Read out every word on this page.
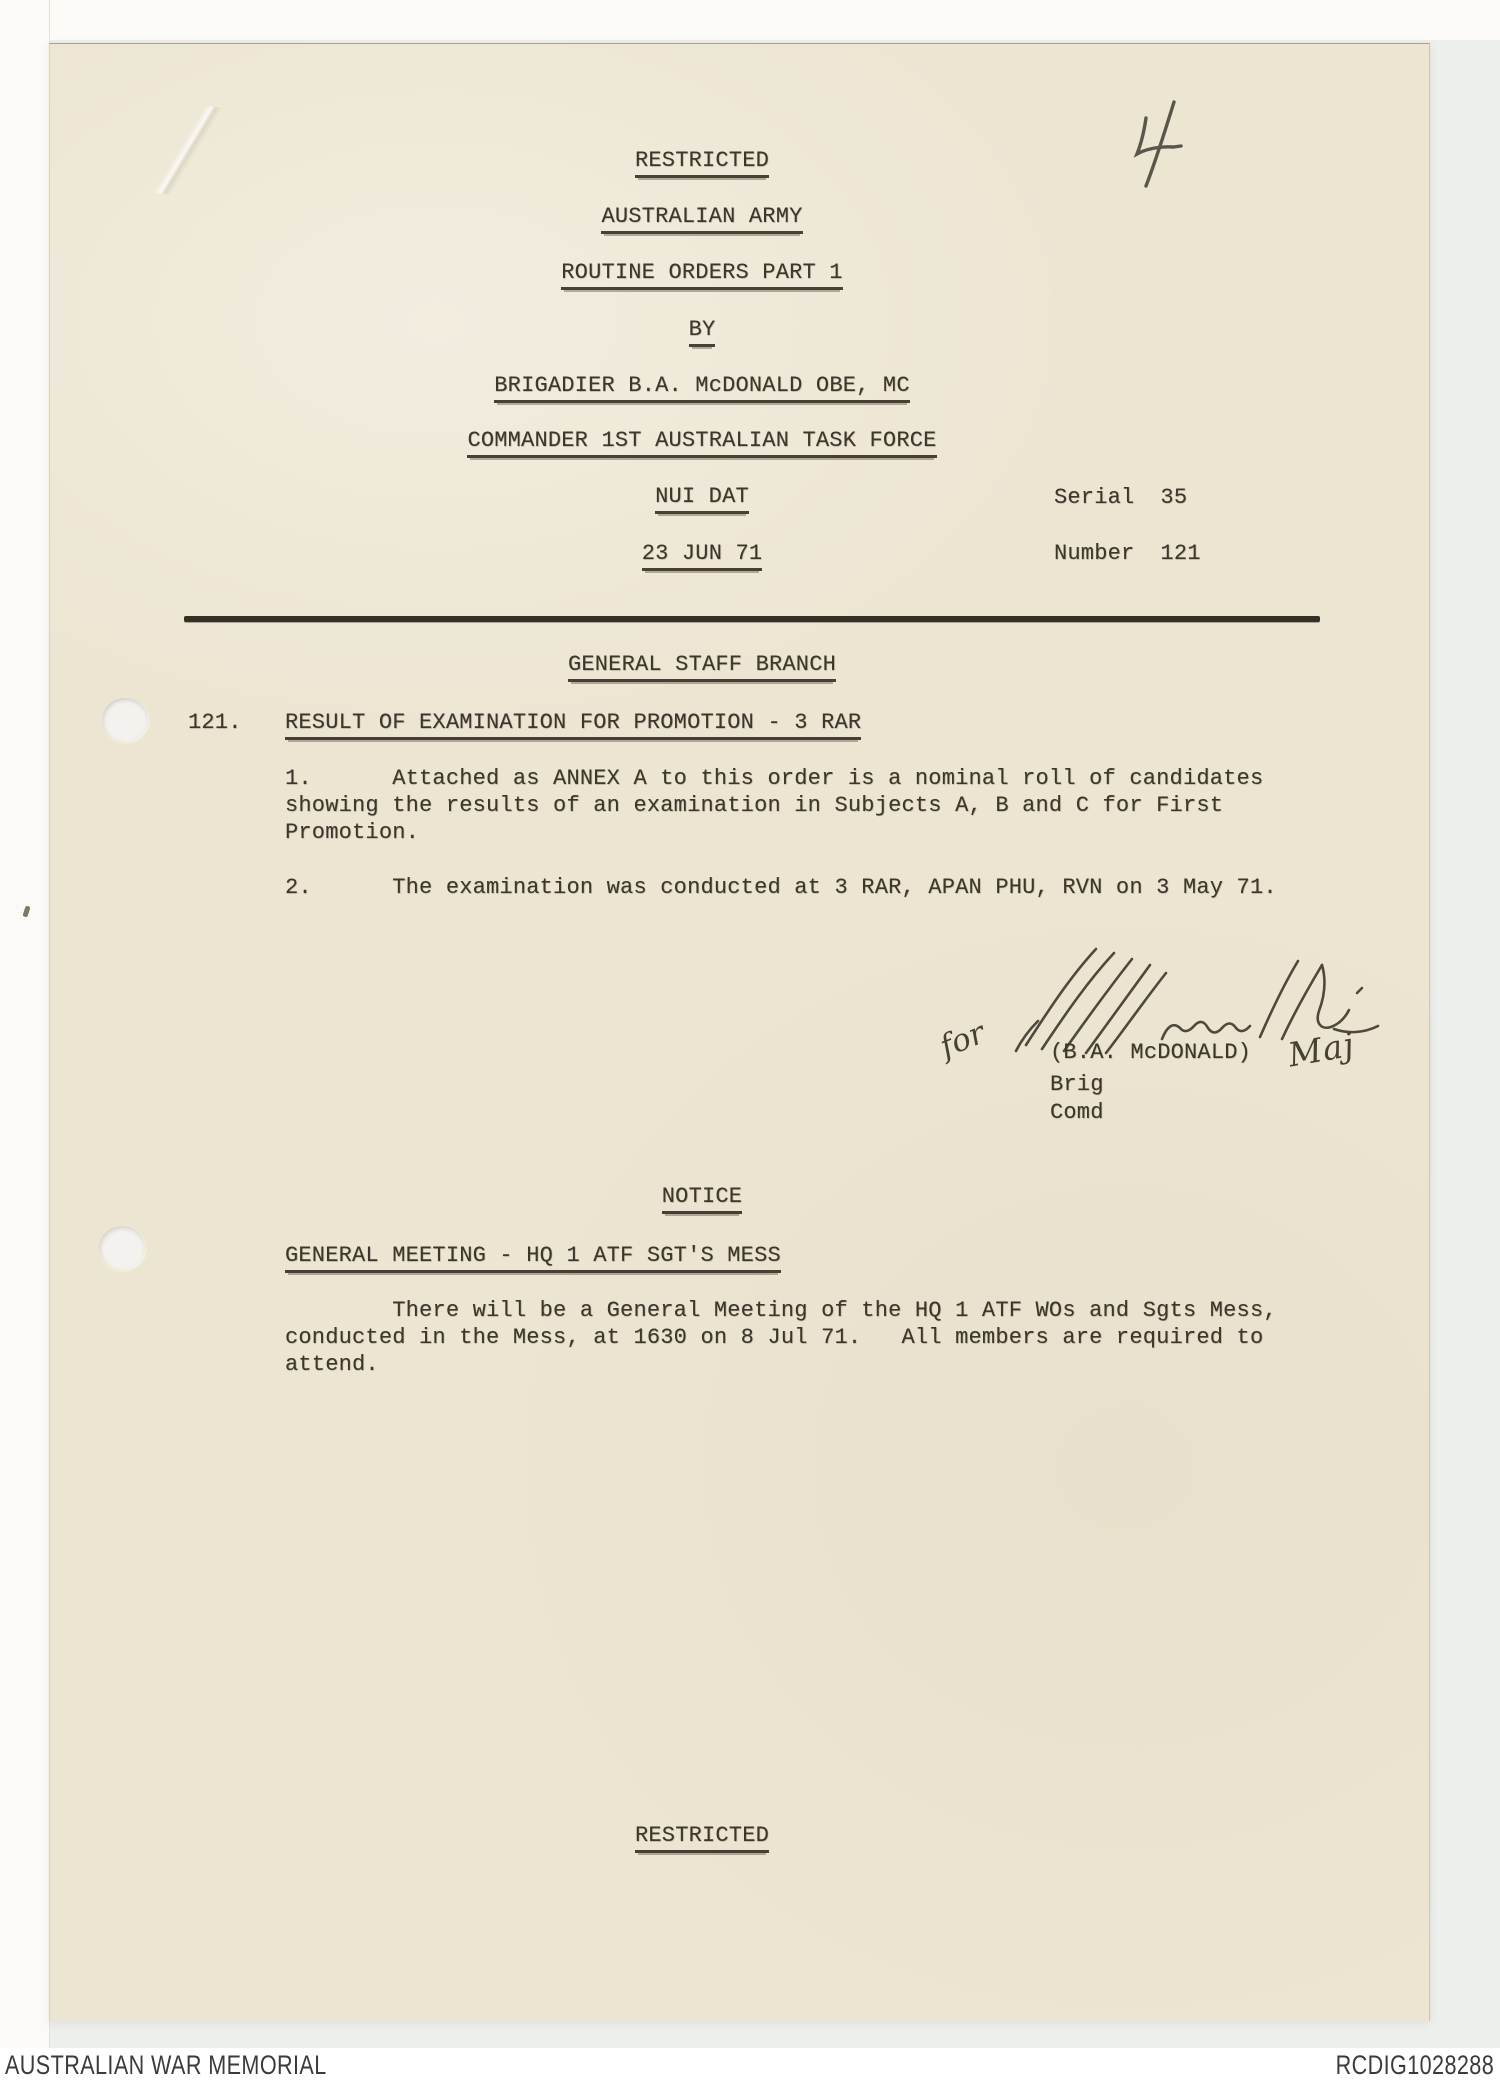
RESTRICTED
AUSTRALIAN ARMY
ROUTINE ORDERS PART 1
BY
BRIGADIER B.A. McDONALD OBE, MC
COMMANDER 1ST AUSTRALIAN TASK FORCE
NUI DAT
23 JUN 71
Serial 35
Number 121
GENERAL STAFF BRANCH
121. RESULT OF EXAMINATION FOR PROMOTION - 3 RAR
1.      Attached as ANNEX A to this order is a nominal roll of candidates
showing the results of an examination in Subjects A, B and C for First
Promotion.
2.      The examination was conducted at 3 RAR, APAN PHU, RVN on 3 May 71.
for	Maj
(B.A. McDONALD)
Brig
Comd
NOTICE
GENERAL MEETING - HQ 1 ATF SGT'S MESS
There will be a General Meeting of the HQ 1 ATF WOs and Sgts Mess,
conducted in the Mess, at 1630 on 8 Jul 71.   All members are required to
attend.
RESTRICTED
AUSTRALIAN WAR MEMORIAL	RCDIG1028288
